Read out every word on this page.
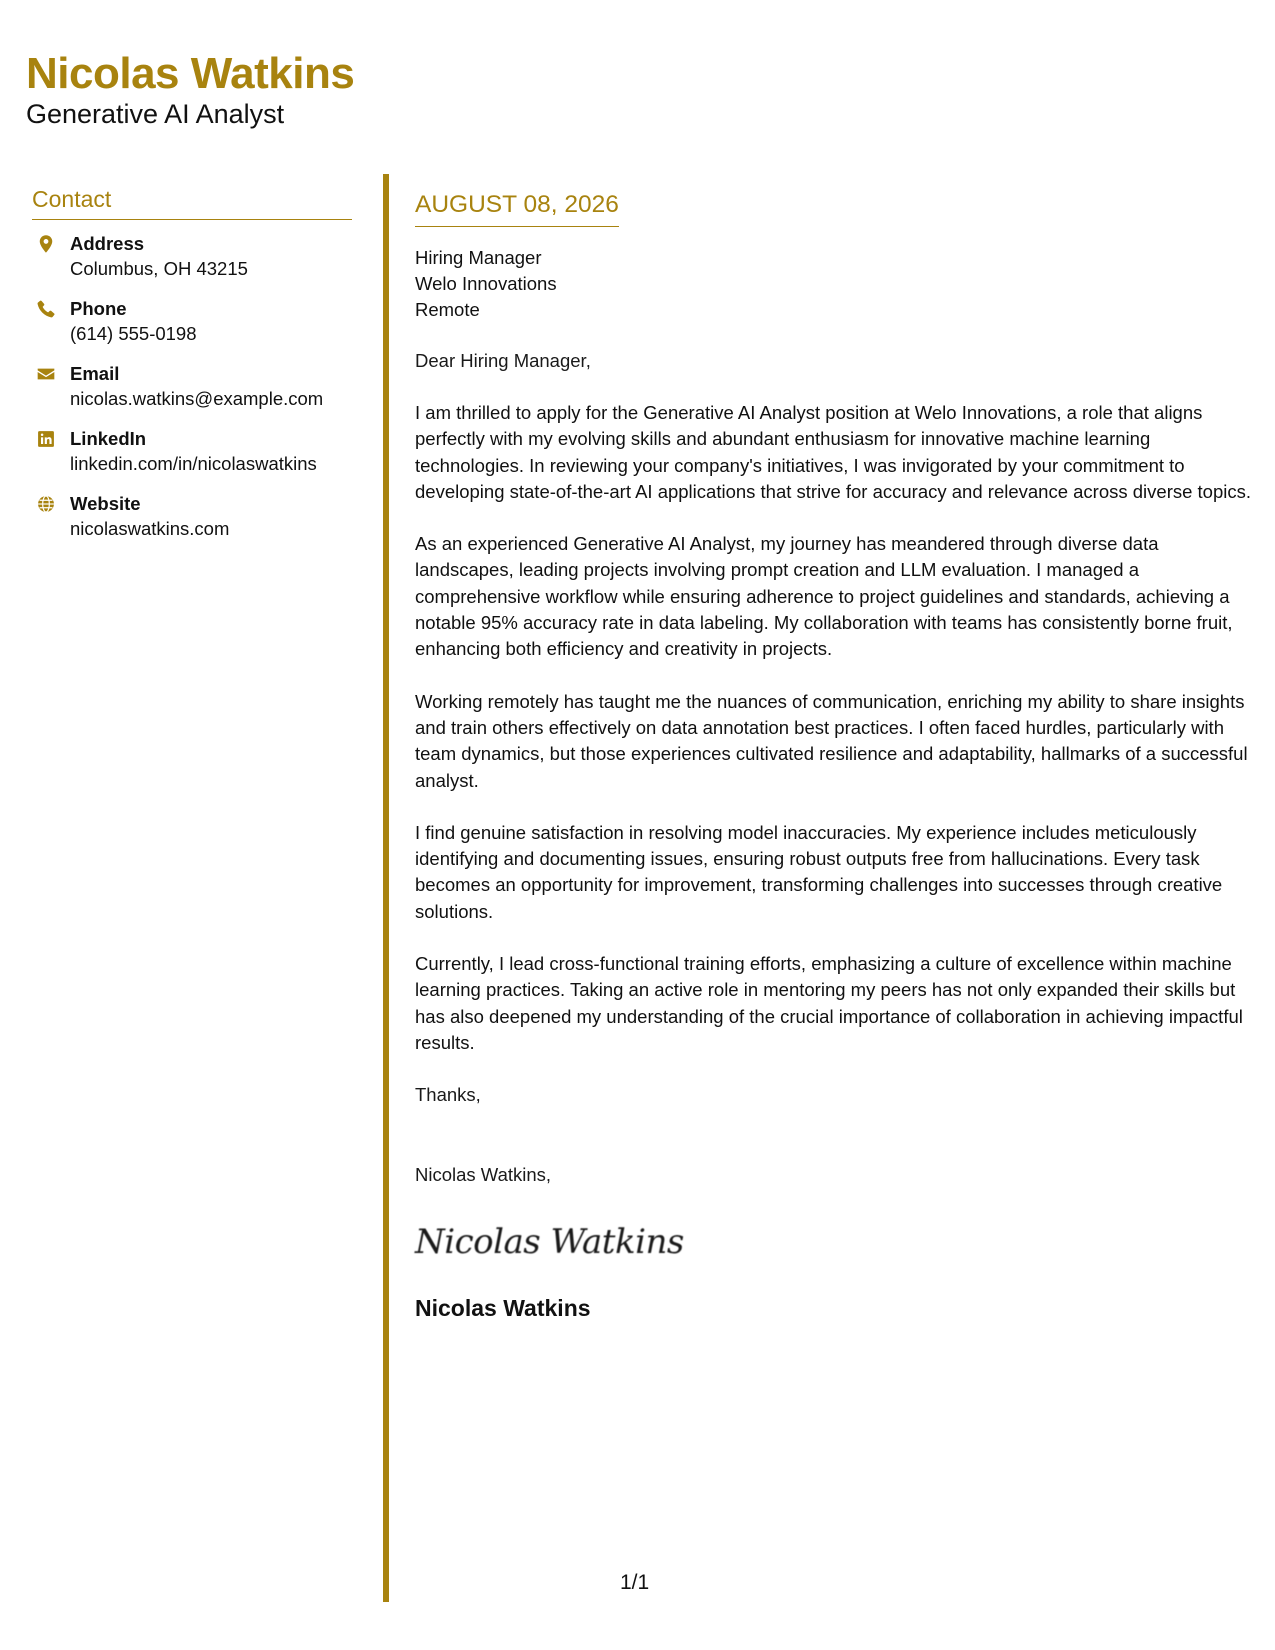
Nicolas Watkins
Generative AI Analyst
Contact
Address
Columbus, OH 43215
Phone
(614) 555-0198
Email
nicolas.watkins@example.com
LinkedIn
linkedin.com/in/nicolaswatkins
Website
nicolaswatkins.com
AUGUST 08, 2026
Hiring Manager
Welo Innovations
Remote
Dear Hiring Manager,
I am thrilled to apply for the Generative AI Analyst position at Welo Innovations, a role that aligns perfectly with my evolving skills and abundant enthusiasm for innovative machine learning technologies. In reviewing your company's initiatives, I was invigorated by your commitment to developing state-of-the-art AI applications that strive for accuracy and relevance across diverse topics.
As an experienced Generative AI Analyst, my journey has meandered through diverse data landscapes, leading projects involving prompt creation and LLM evaluation. I managed a comprehensive workflow while ensuring adherence to project guidelines and standards, achieving a notable 95% accuracy rate in data labeling. My collaboration with teams has consistently borne fruit, enhancing both efficiency and creativity in projects.
Working remotely has taught me the nuances of communication, enriching my ability to share insights and train others effectively on data annotation best practices. I often faced hurdles, particularly with team dynamics, but those experiences cultivated resilience and adaptability, hallmarks of a successful analyst.
I find genuine satisfaction in resolving model inaccuracies. My experience includes meticulously identifying and documenting issues, ensuring robust outputs free from hallucinations. Every task becomes an opportunity for improvement, transforming challenges into successes through creative solutions.
Currently, I lead cross-functional training efforts, emphasizing a culture of excellence within machine learning practices. Taking an active role in mentoring my peers has not only expanded their skills but has also deepened my understanding of the crucial importance of collaboration in achieving impactful results.
Thanks,
Nicolas Watkins,
Nicolas Watkins
Nicolas Watkins
1/1
